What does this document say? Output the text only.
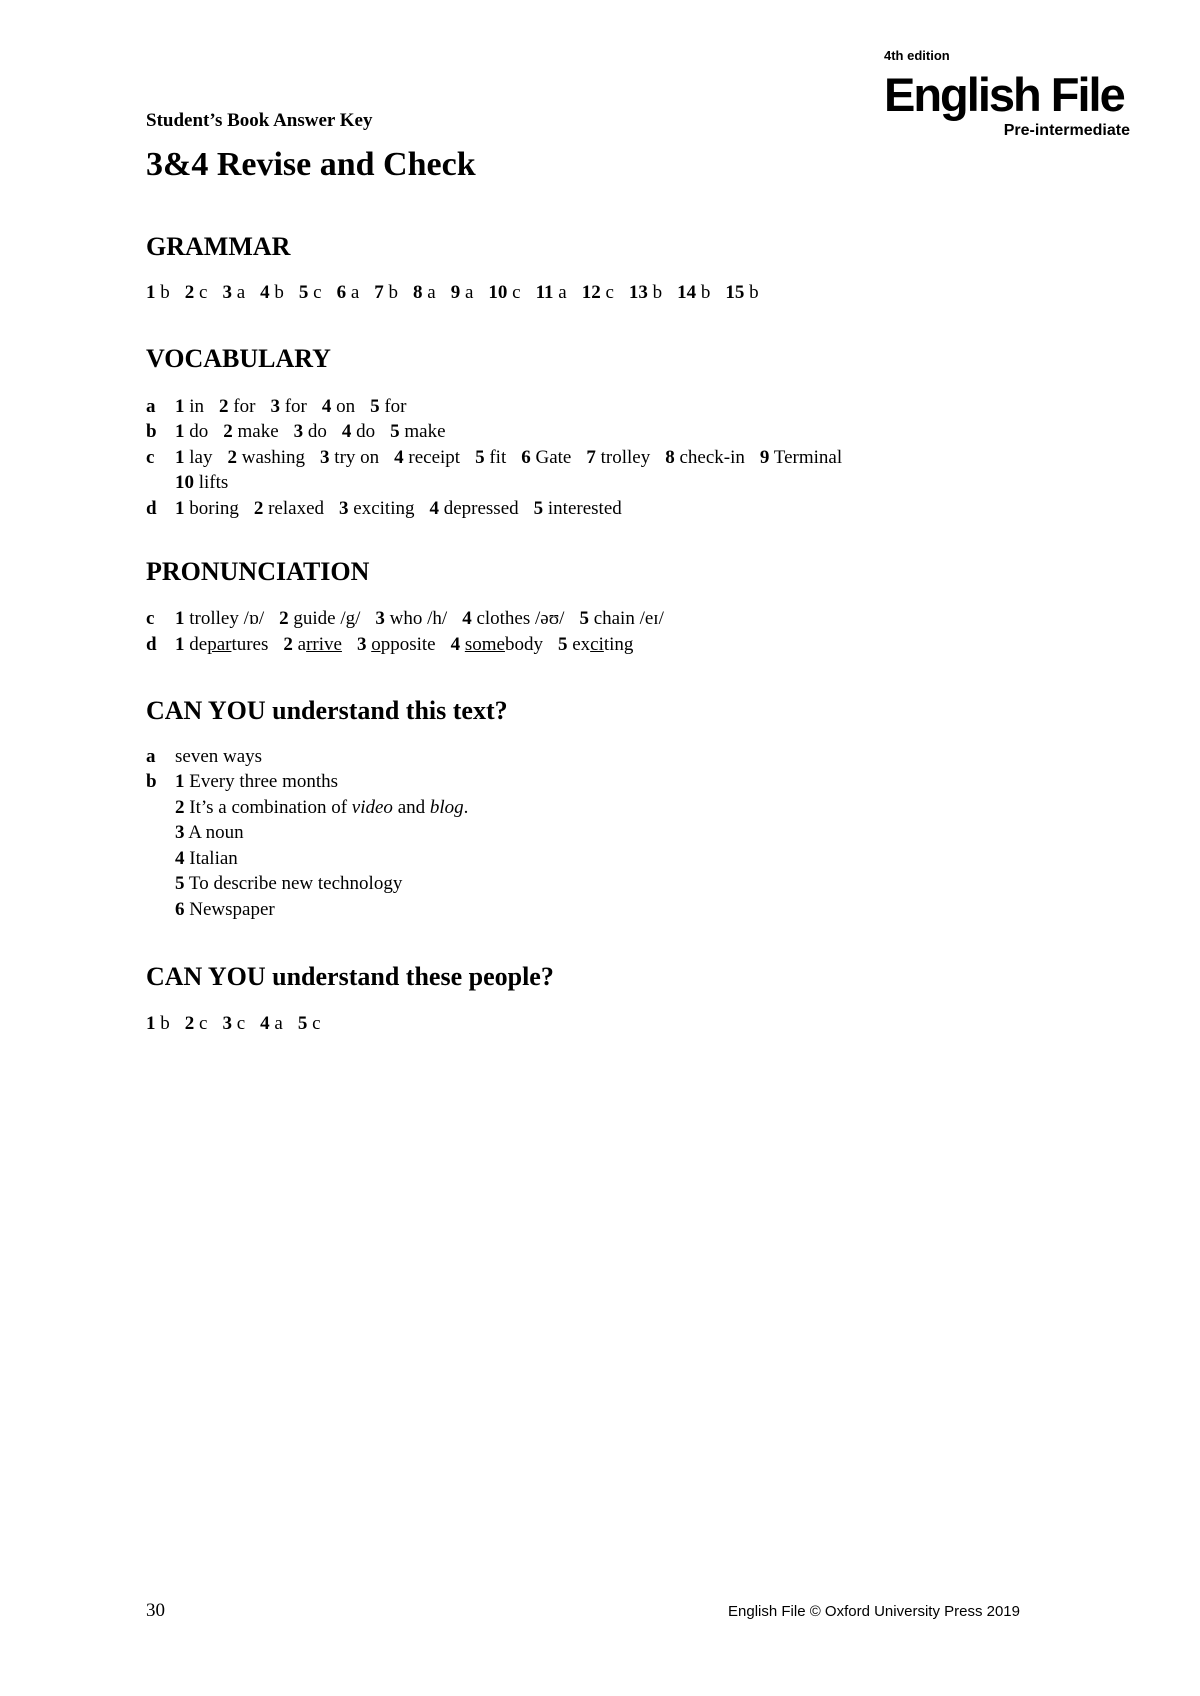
4th edition
English File
Pre-intermediate
Student’s Book Answer Key
3&4 Revise and Check
GRAMMAR
1 b 2 c 3 a 4 b 5 c 6 a 7 b 8 a 9 a 10 c 11 a 12 c 13 b 14 b 15 b
VOCABULARY
a 1 in 2 for 3 for 4 on 5 for
b 1 do 2 make 3 do 4 do 5 make
c 1 lay 2 washing 3 try on 4 receipt 5 fit 6 Gate 7 trolley 8 check-in 9 Terminal
10 lifts
d 1 boring 2 relaxed 3 exciting 4 depressed 5 interested
PRONUNCIATION
c 1 trolley /ɒ/ 2 guide /g/ 3 who /h/ 4 clothes /əʊ/ 5 chain /eɪ/
d 1 departures 2 arrive 3 opposite 4 somebody 5 exciting
CAN YOU understand this text?
a seven ways
b 1 Every three months
2 It’s a combination of video and blog.
3 A noun
4 Italian
5 To describe new technology
6 Newspaper
CAN YOU understand these people?
1 b 2 c 3 c 4 a 5 c
30	English File © Oxford University Press 2019
